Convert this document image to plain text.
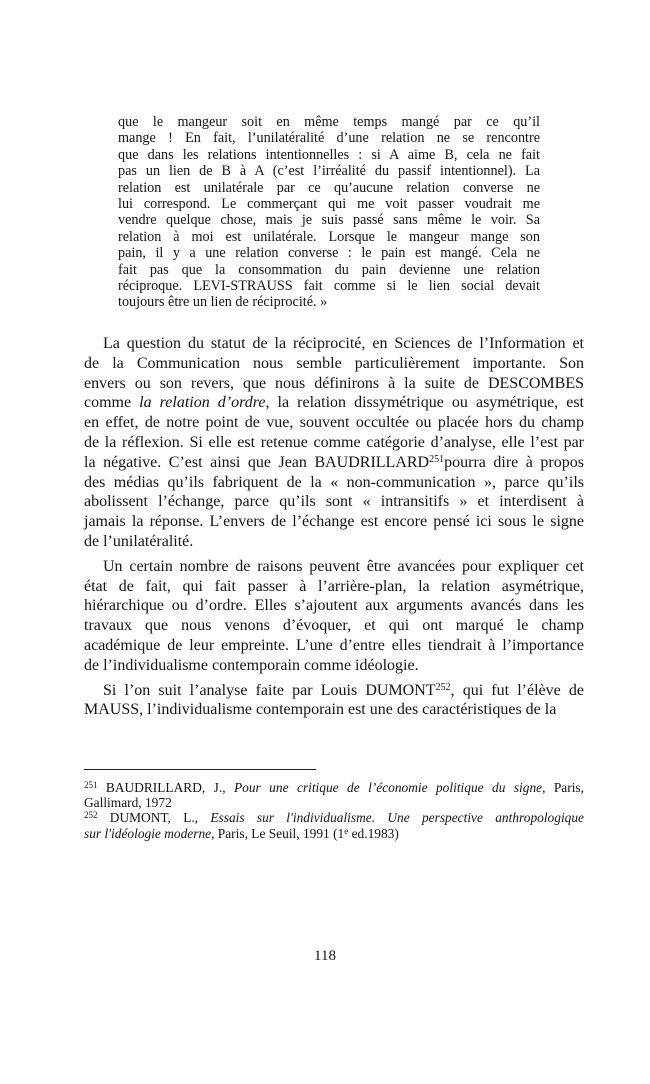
que le mangeur soit en même temps mangé par ce qu’il
mange ! En fait, l’unilatéralité d’une relation ne se rencontre
que dans les relations intentionnelles : si A aime B, cela ne fait
pas un lien de B à A (c’est l’irréalité du passif intentionnel). La
relation est unilatérale par ce qu’aucune relation converse ne
lui correspond. Le commerçant qui me voit passer voudrait me
vendre quelque chose, mais je suis passé sans même le voir. Sa
relation à moi est unilatérale. Lorsque le mangeur mange son
pain, il y a une relation converse : le pain est mangé. Cela ne
fait pas que la consommation du pain devienne une relation
réciproque. LEVI-STRAUSS fait comme si le lien social devait
toujours être un lien de réciprocité. »
La question du statut de la réciprocité, en Sciences de l’Information et
de la Communication nous semble particulièrement importante. Son
envers ou son revers, que nous définirons à la suite de DESCOMBES
comme la relation d’ordre, la relation dissymétrique ou asymétrique, est
en effet, de notre point de vue, souvent occultée ou placée hors du champ
de la réflexion. Si elle est retenue comme catégorie d’analyse, elle l’est par
la négative. C’est ainsi que Jean BAUDRILLARD$^{251}$pourra dire à propos
des médias qu’ils fabriquent de la « non-communication », parce qu’ils
abolissent l’échange, parce qu’ils sont « intransitifs » et interdisent à
jamais la réponse. L’envers de l’échange est encore pensé ici sous le signe
de l’unilatéralité.
Un certain nombre de raisons peuvent être avancées pour expliquer cet
état de fait, qui fait passer à l’arrière-plan, la relation asymétrique,
hiérarchique ou d’ordre. Elles s’ajoutent aux arguments avancés dans les
travaux que nous venons d’évoquer, et qui ont marqué le champ
académique de leur empreinte. L’une d’entre elles tiendrait à l’importance
de l’individualisme contemporain comme idéologie.
Si l’on suit l’analyse faite par Louis DUMONT$^{252}$, qui fut l’élève de
MAUSS, l’individualisme contemporain est une des caractéristiques de la
$^{251}$ BAUDRILLARD, J., Pour une critique de l’économie politique du signe, Paris,
Gallimard, 1972
$^{252}$ DUMONT, L., Essais sur l'individualisme. Une perspective anthropologique
sur l'idéologie moderne, Paris, Le Seuil, 1991 (1e ed.1983)
118
